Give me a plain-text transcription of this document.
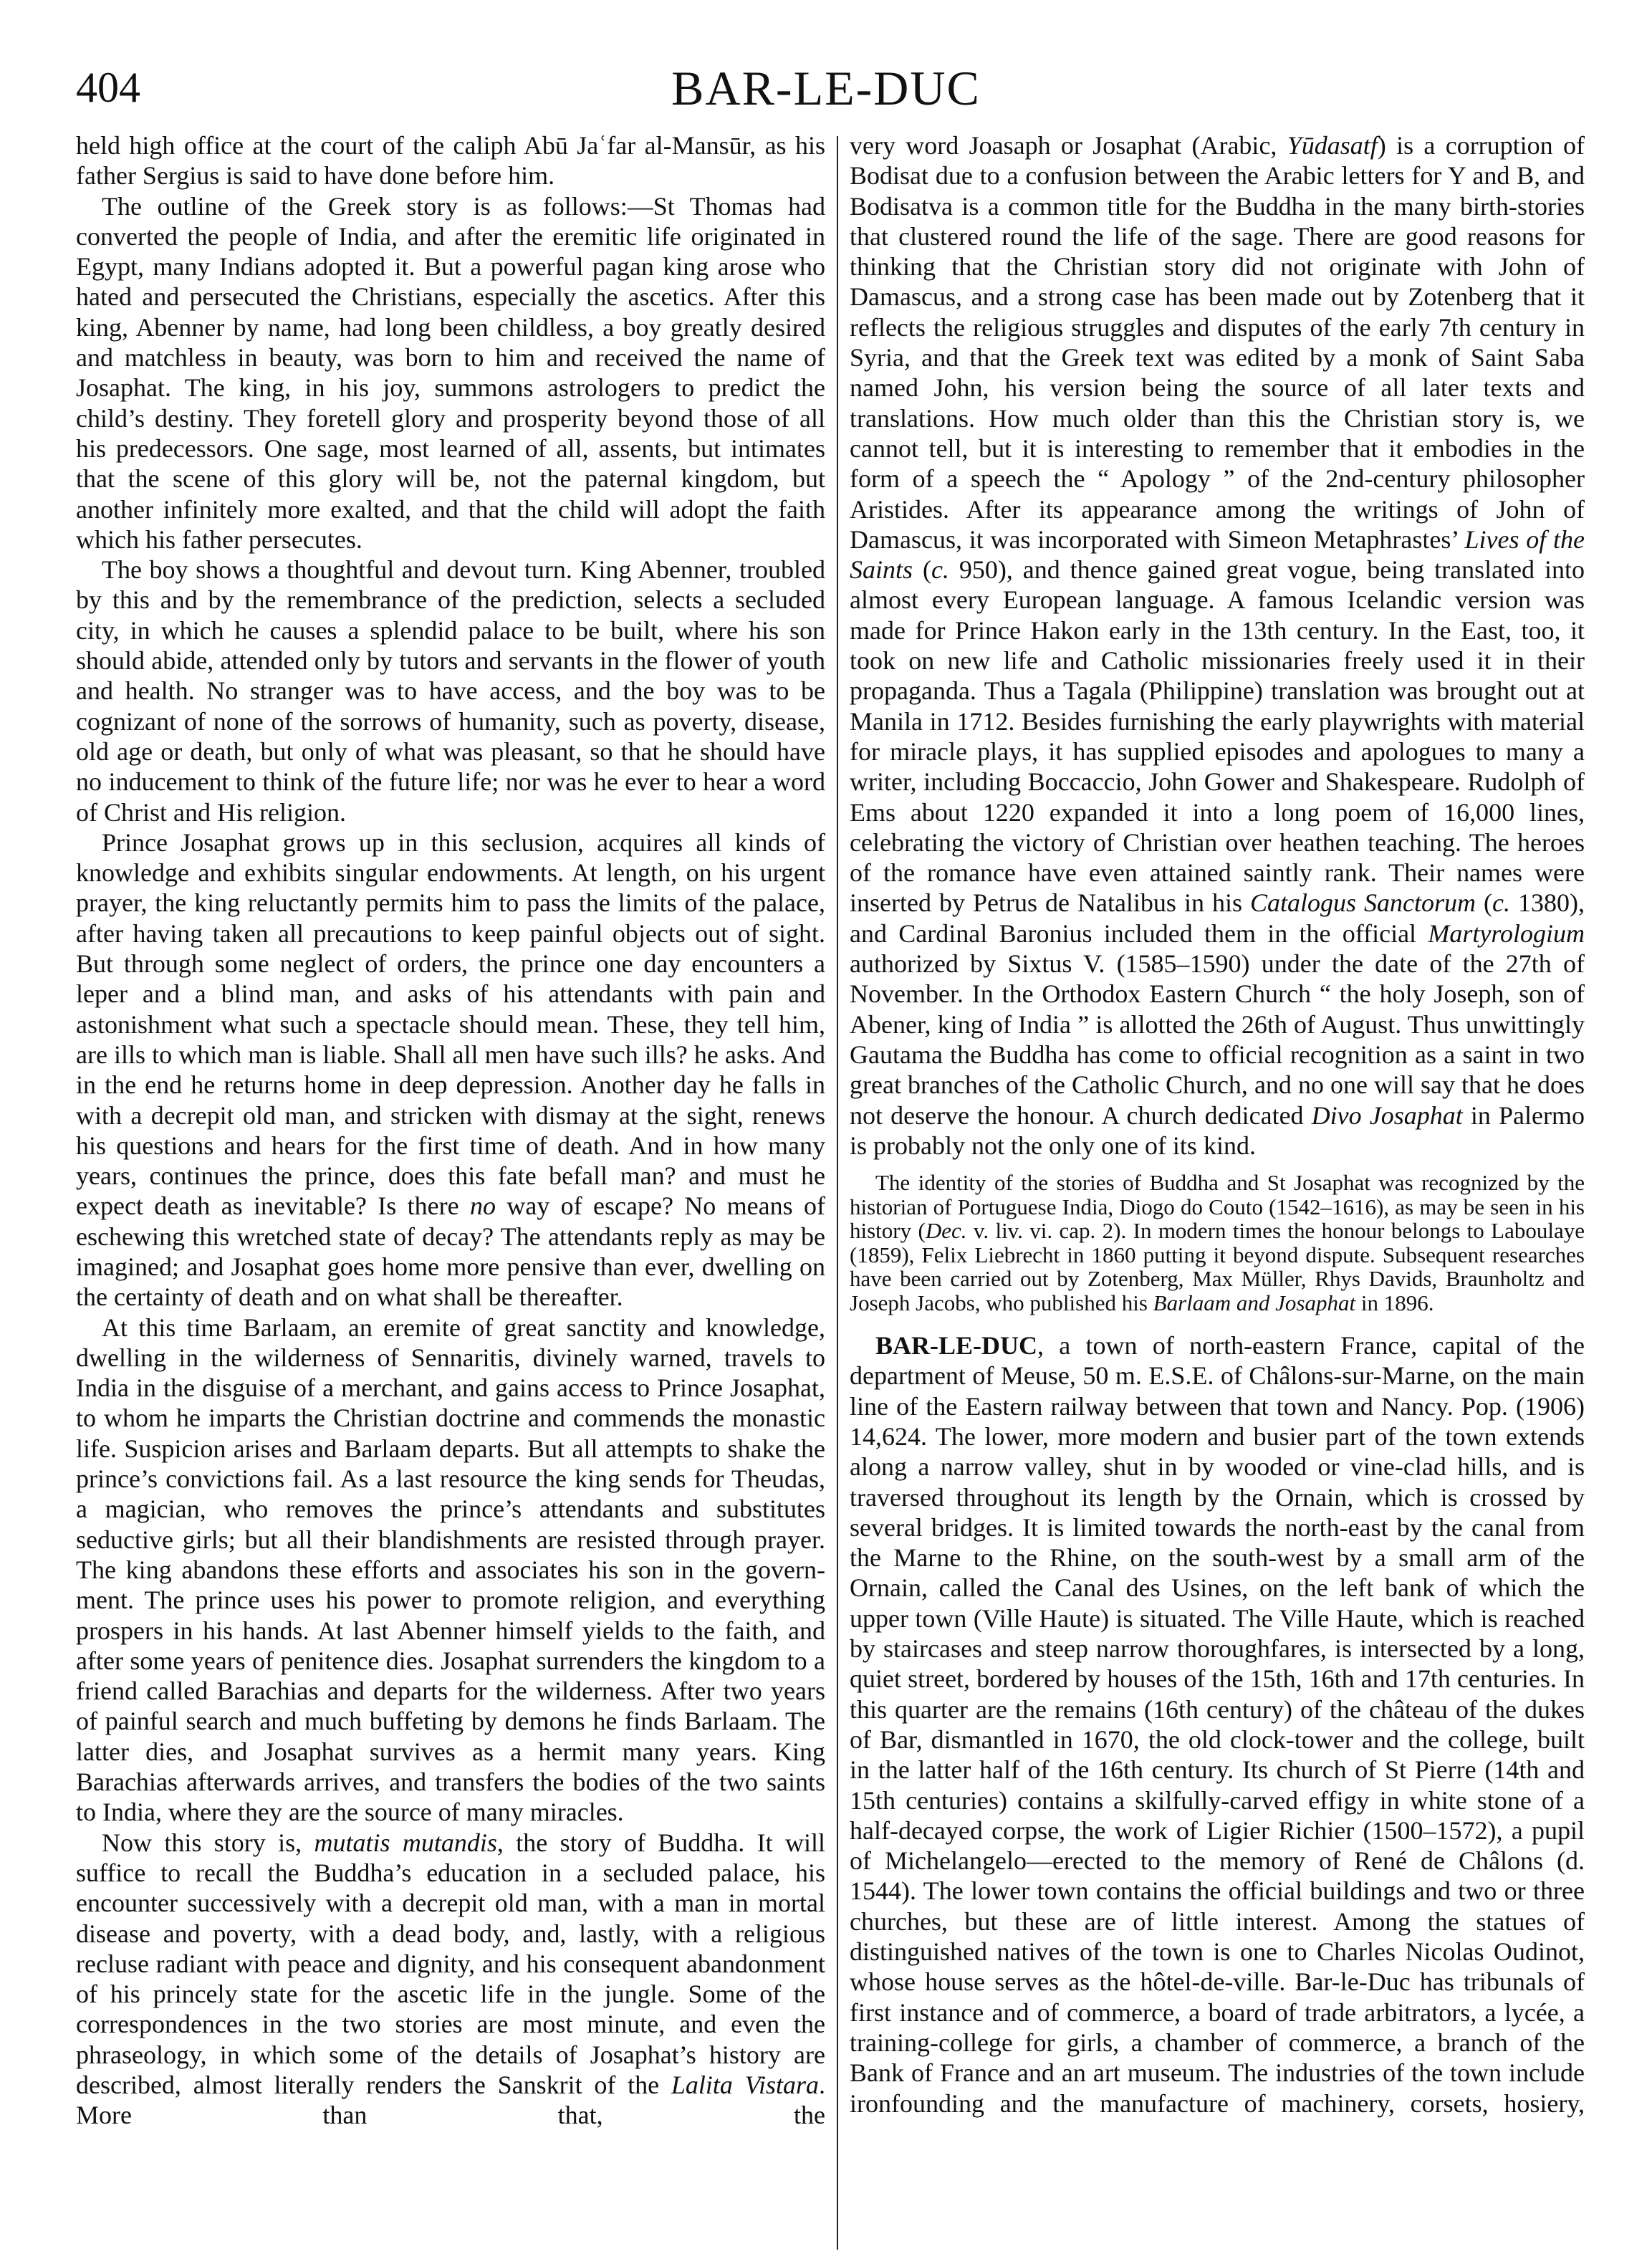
404	BAR-LE-DUC

held high office at the court of the caliph Abū Jaʿfar al-Mansūr, as his father Sergius is said to have done before him.

The outline of the Greek story is as follows:—St Thomas had converted the people of India, and after the eremitic life originated in Egypt, many Indians adopted it. But a powerful pagan king arose who hated and persecuted the Christians, especially the ascetics. After this king, Abenner by name, had long been childless, a boy greatly desired and matchless in beauty, was born to him and received the name of Josaphat. The king, in his joy, summons astrologers to predict the child’s destiny. They foretell glory and prosperity beyond those of all his predecessors. One sage, most learned of all, assents, but intimates that the scene of this glory will be, not the paternal kingdom, but another infinitely more exalted, and that the child will adopt the faith which his father persecutes.

The boy shows a thoughtful and devout turn. King Abenner, troubled by this and by the remembrance of the prediction, selects a secluded city, in which he causes a splendid palace to be built, where his son should abide, attended only by tutors and servants in the flower of youth and health. No stranger was to have access, and the boy was to be cognizant of none of the sorrows of humanity, such as poverty, disease, old age or death, but only of what was pleasant, so that he should have no inducement to think of the future life; nor was he ever to hear a word of Christ and His religion.

Prince Josaphat grows up in this seclusion, acquires all kinds of knowledge and exhibits singular endowments. At length, on his urgent prayer, the king reluctantly permits him to pass the limits of the palace, after having taken all precautions to keep painful objects out of sight. But through some neglect of orders, the prince one day encounters a leper and a blind man, and asks of his attendants with pain and astonishment what such a spectacle should mean. These, they tell him, are ills to which man is liable. Shall all men have such ills? he asks. And in the end he returns home in deep depression. Another day he falls in with a decrepit old man, and stricken with dismay at the sight, renews his questions and hears for the first time of death. And in how many years, continues the prince, does this fate befall man? and must he expect death as inevitable? Is there no way of escape? No means of eschewing this wretched state of decay? The attendants reply as may be imagined; and Josaphat goes home more pensive than ever, dwelling on the certainty of death and on what shall be thereafter.

At this time Barlaam, an eremite of great sanctity and knowledge, dwelling in the wilderness of Sennaritis, divinely warned, travels to India in the disguise of a merchant, and gains access to Prince Josaphat, to whom he imparts the Christian doctrine and commends the monastic life. Suspicion arises and Barlaam departs. But all attempts to shake the prince’s convictions fail. As a last resource the king sends for Theudas, a magician, who removes the prince’s attendants and substitutes seductive girls; but all their blandishments are resisted through prayer. The king abandons these efforts and associates his son in the government. The prince uses his power to promote religion, and everything prospers in his hands. At last Abenner himself yields to the faith, and after some years of penitence dies. Josaphat surrenders the kingdom to a friend called Barachias and departs for the wilderness. After two years of painful search and much buffeting by demons he finds Barlaam. The latter dies, and Josaphat survives as a hermit many years. King Barachias afterwards arrives, and transfers the bodies of the two saints to India, where they are the source of many miracles.

Now this story is, mutatis mutandis, the story of Buddha. It will suffice to recall the Buddha’s education in a secluded palace, his encounter successively with a decrepit old man, with a man in mortal disease and poverty, with a dead body, and, lastly, with a religious recluse radiant with peace and dignity, and his consequent abandonment of his princely state for the ascetic life in the jungle. Some of the correspondences in the two stories are most minute, and even the phraseology, in which some of the details of Josaphat’s history are described, almost literally renders the Sanskrit of the Lalita Vistara. More than that, the

very word Joasaph or Josaphat (Arabic, Yūdasatf) is a corruption of Bodisat due to a confusion between the Arabic letters for Y and B, and Bodisatva is a common title for the Buddha in the many birth-stories that clustered round the life of the sage. There are good reasons for thinking that the Christian story did not originate with John of Damascus, and a strong case has been made out by Zotenberg that it reflects the religious struggles and disputes of the early 7th century in Syria, and that the Greek text was edited by a monk of Saint Saba named John, his version being the source of all later texts and translations. How much older than this the Christian story is, we cannot tell, but it is interesting to remember that it embodies in the form of a speech the “ Apology ” of the 2nd-century philosopher Aristides. After its appearance among the writings of John of Damascus, it was incorporated with Simeon Metaphrastes’ Lives of the Saints (c. 950), and thence gained great vogue, being translated into almost every European language. A famous Icelandic version was made for Prince Hakon early in the 13th century. In the East, too, it took on new life and Catholic missionaries freely used it in their propaganda. Thus a Tagala (Philippine) translation was brought out at Manila in 1712. Besides furnishing the early playwrights with material for miracle plays, it has supplied episodes and apologues to many a writer, including Boccaccio, John Gower and Shakespeare. Rudolph of Ems about 1220 expanded it into a long poem of 16,000 lines, celebrating the victory of Christian over heathen teaching. The heroes of the romance have even attained saintly rank. Their names were inserted by Petrus de Natalibus in his Catalogus Sanctorum (c. 1380), and Cardinal Baronius included them in the official Martyrologium authorized by Sixtus V. (1585–1590) under the date of the 27th of November. In the Orthodox Eastern Church “ the holy Joseph, son of Abener, king of India ” is allotted the 26th of August. Thus unwittingly Gautama the Buddha has come to official recognition as a saint in two great branches of the Catholic Church, and no one will say that he does not deserve the honour. A church dedicated Divo Josaphat in Palermo is probably not the only one of its kind.

The identity of the stories of Buddha and St Josaphat was recognized by the historian of Portuguese India, Diogo do Couto (1542–1616), as may be seen in his history (Dec. v. liv. vi. cap. 2). In modern times the honour belongs to Laboulaye (1859), Felix Liebrecht in 1860 putting it beyond dispute. Subsequent researches have been carried out by Zotenberg, Max Müller, Rhys Davids, Braunholtz and Joseph Jacobs, who published his Barlaam and Josaphat in 1896.

BAR-LE-DUC, a town of north-eastern France, capital of the department of Meuse, 50 m. E.S.E. of Châlons-sur-Marne, on the main line of the Eastern railway between that town and Nancy. Pop. (1906) 14,624. The lower, more modern and busier part of the town extends along a narrow valley, shut in by wooded or vine-clad hills, and is traversed throughout its length by the Ornain, which is crossed by several bridges. It is limited towards the north-east by the canal from the Marne to the Rhine, on the south-west by a small arm of the Ornain, called the Canal des Usines, on the left bank of which the upper town (Ville Haute) is situated. The Ville Haute, which is reached by staircases and steep narrow thoroughfares, is intersected by a long, quiet street, bordered by houses of the 15th, 16th and 17th centuries. In this quarter are the remains (16th century) of the château of the dukes of Bar, dismantled in 1670, the old clock-tower and the college, built in the latter half of the 16th century. Its church of St Pierre (14th and 15th centuries) contains a skilfully-carved effigy in white stone of a half-decayed corpse, the work of Ligier Richier (1500–1572), a pupil of Michelangelo—erected to the memory of René de Châlons (d. 1544). The lower town contains the official buildings and two or three churches, but these are of little interest. Among the statues of distinguished natives of the town is one to Charles Nicolas Oudinot, whose house serves as the hôtel-de-ville. Bar-le-Duc has tribunals of first instance and of commerce, a board of trade arbitrators, a lycée, a training-college for girls, a chamber of commerce, a branch of the Bank of France and an art museum. The industries of the town include ironfounding and the manufacture of machinery, corsets, hosiery,
